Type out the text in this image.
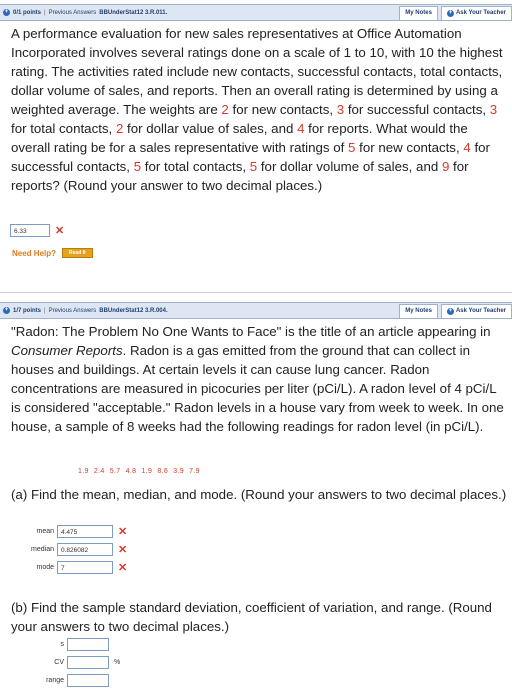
+ 0/1 points | Previous Answers BBUnderStat12 3.R.011.	My Notes	+ Ask Your Teacher
A performance evaluation for new sales representatives at Office Automation Incorporated involves several ratings done on a scale of 1 to 10, with 10 the highest rating. The activities rated include new contacts, successful contacts, total contacts, dollar volume of sales, and reports. Then an overall rating is determined by using a weighted average. The weights are 2 for new contacts, 3 for successful contacts, 3 for total contacts, 2 for dollar value of sales, and 4 for reports. What would the overall rating be for a sales representative with ratings of 5 for new contacts, 4 for successful contacts, 5 for total contacts, 5 for dollar volume of sales, and 9 for reports? (Round your answer to two decimal places.)
6.33	✕
Need Help?	Read It
+ 1/7 points | Previous Answers BBUnderStat12 3.R.004.	My Notes	+ Ask Your Teacher
"Radon: The Problem No One Wants to Face" is the title of an article appearing in Consumer Reports. Radon is a gas emitted from the ground that can collect in houses and buildings. At certain levels it can cause lung cancer. Radon concentrations are measured in picocuries per liter (pCi/L). A radon level of 4 pCi/L is considered "acceptable." Radon levels in a house vary from week to week. In one house, a sample of 8 weeks had the following readings for radon level (in pCi/L).
1.9 2.4 5.7 4.8 1.9 8.6 3.9 7.9
(a) Find the mean, median, and mode. (Round your answers to two decimal places.)
mean	4.475	✕
median	0.826082	✕
mode	7	✕
(b) Find the sample standard deviation, coefficient of variation, and range. (Round your answers to two decimal places.)
s
CV	%
range
